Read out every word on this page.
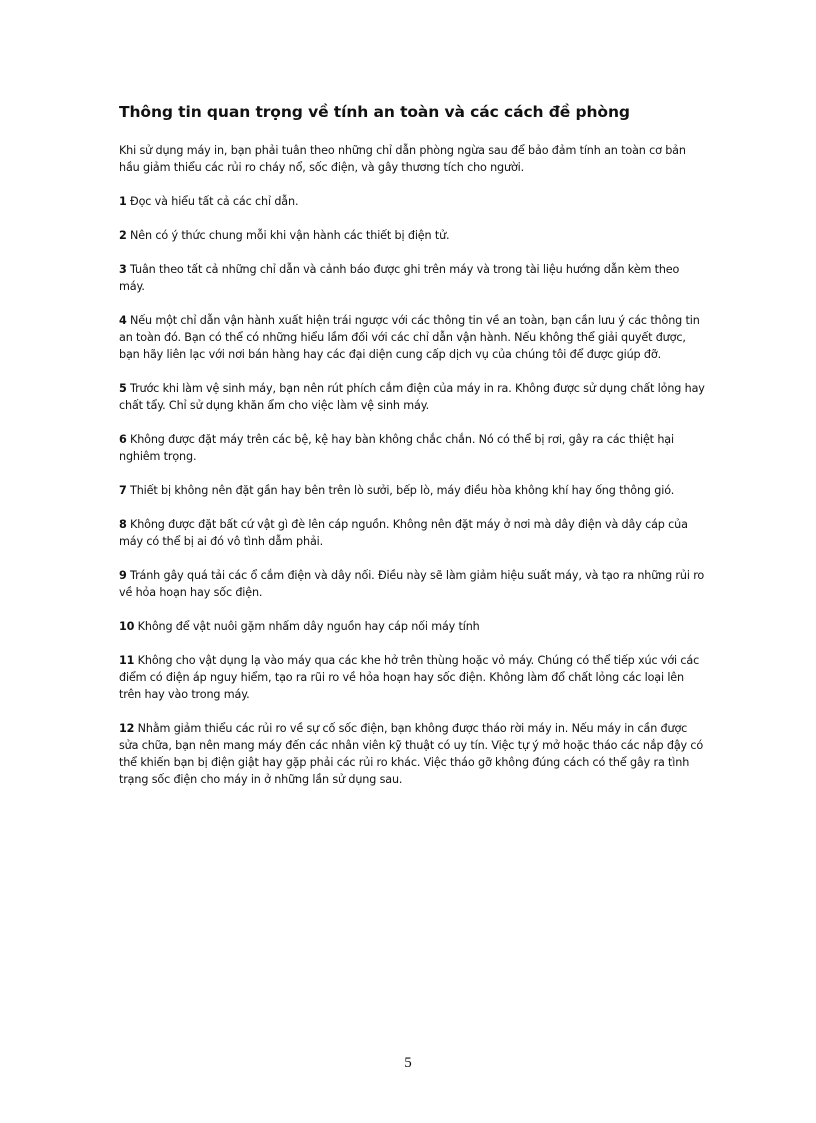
Thông tin quan trọng về tính an toàn và các cách đề phòng

Khi sử dụng máy in, bạn phải tuân theo những chỉ dẫn phòng ngừa sau để bảo đảm tính an toàn cơ bản hầu giảm thiểu các rủi ro cháy nổ, sốc điện, và gây thương tích cho người.

1 Đọc và hiểu tất cả các chỉ dẫn.

2 Nên có ý thức chung mỗi khi vận hành các thiết bị điện tử.

3 Tuân theo tất cả những chỉ dẫn và cảnh báo được ghi trên máy và trong tài liệu hướng dẫn kèm theo máy.

4 Nếu một chỉ dẫn vận hành xuất hiện trái ngược với các thông tin về an toàn, bạn cần lưu ý các thông tin an toàn đó. Bạn có thể có những hiểu lầm đối với các chỉ dẫn vận hành. Nếu không thể giải quyết được, bạn hãy liên lạc với nơi bán hàng hay các đại diện cung cấp dịch vụ của chúng tôi để được giúp đỡ.

5 Trước khi làm vệ sinh máy, bạn nên rút phích cắm điện của máy in ra. Không được sử dụng chất lỏng hay chất tẩy. Chỉ sử dụng khăn ẩm cho việc làm vệ sinh máy.

6 Không được đặt máy trên các bệ, kệ hay bàn không chắc chắn. Nó có thể bị rơi, gây ra các thiệt hại nghiêm trọng.

7 Thiết bị không nên đặt gần hay bên trên lò sưởi, bếp lò, máy điều hòa không khí hay ống thông gió.

8 Không được đặt bất cứ vật gì đè lên cáp nguồn. Không nên đặt máy ở nơi mà dây điện và dây cáp của máy có thể bị ai đó vô tình dẫm phải.

9 Tránh gây quá tải các ổ cắm điện và dây nối. Điều này sẽ làm giảm hiệu suất máy, và tạo ra những rủi ro về hỏa hoạn hay sốc điện.

10 Không để vật nuôi gặm nhấm dây nguồn hay cáp nối máy tính

11 Không cho vật dụng lạ vào máy qua các khe hở trên thùng hoặc vỏ máy. Chúng có thể tiếp xúc với các điểm có điện áp nguy hiểm, tạo ra rũi ro về hỏa hoạn hay sốc điện. Không làm đổ chất lỏng các loại lên trên hay vào trong máy.

12 Nhằm giảm thiểu các rủi ro về sự cố sốc điện, bạn không được tháo rời máy in. Nếu máy in cần được sửa chữa, bạn nên mang máy đến các nhân viên kỹ thuật có uy tín. Việc tự ý mở hoặc tháo các nắp đậy có thể khiến bạn bị điện giật hay gặp phải các rủi ro khác. Việc tháo gỡ không đúng cách có thể gây ra tình trạng sốc điện cho máy in ở những lần sử dụng sau.

5
